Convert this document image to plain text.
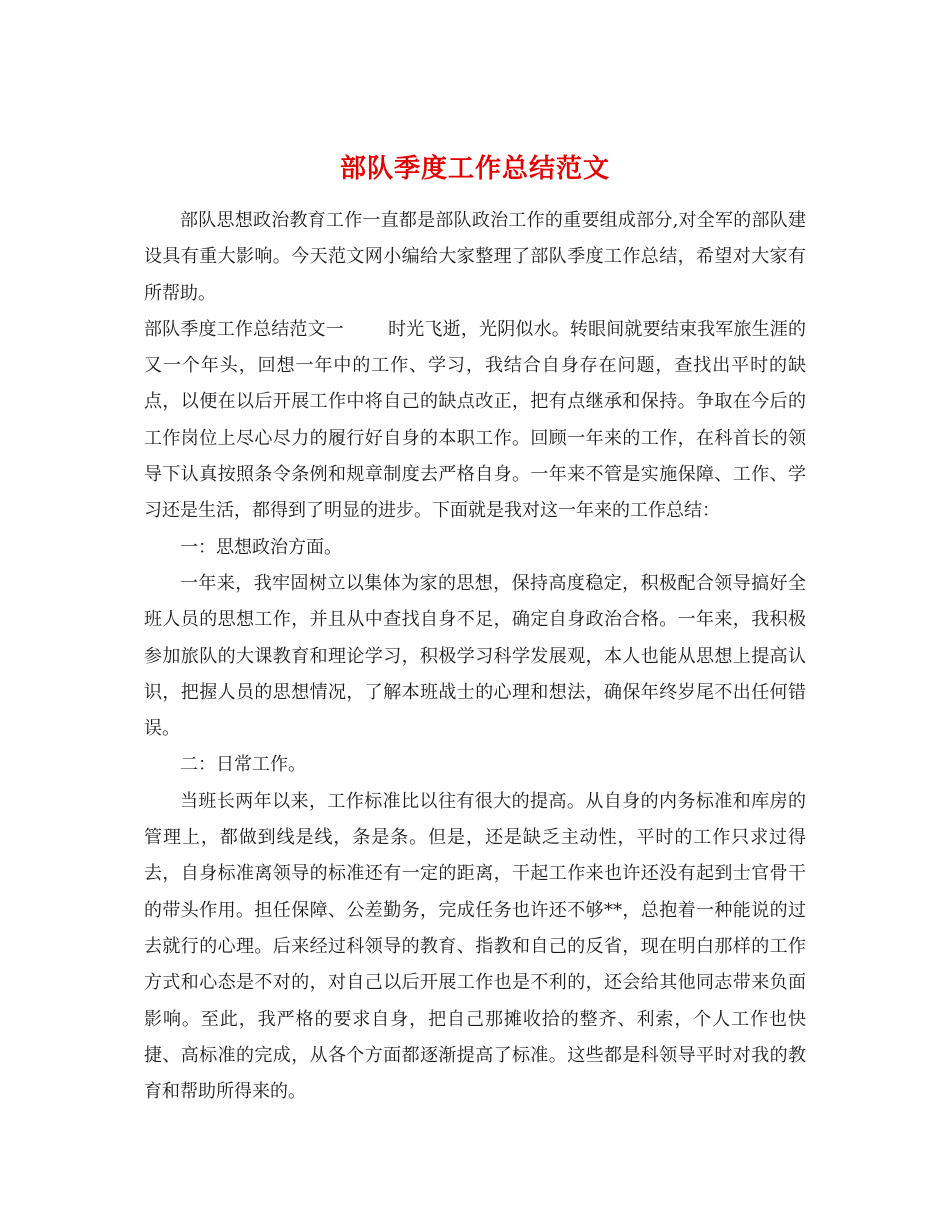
部队季度工作总结范文

部队思想政治教育工作一直都是部队政治工作的重要组成部分,对全军的部队建设具有重大影响。今天范文网小编给大家整理了部队季度工作总结，希望对大家有所帮助。

部队季度工作总结范文一 时光飞逝，光阴似水。转眼间就要结束我军旅生涯的又一个年头，回想一年中的工作、学习，我结合自身存在问题，查找出平时的缺点，以便在以后开展工作中将自己的缺点改正，把有点继承和保持。争取在今后的工作岗位上尽心尽力的履行好自身的本职工作。回顾一年来的工作，在科首长的领导下认真按照条令条例和规章制度去严格自身。一年来不管是实施保障、工作、学习还是生活，都得到了明显的进步。下面就是我对这一年来的工作总结：

一：思想政治方面。

一年来，我牢固树立以集体为家的思想，保持高度稳定，积极配合领导搞好全班人员的思想工作，并且从中查找自身不足，确定自身政治合格。一年来，我积极参加旅队的大课教育和理论学习，积极学习科学发展观，本人也能从思想上提高认识，把握人员的思想情况，了解本班战士的心理和想法，确保年终岁尾不出任何错误。

二：日常工作。

当班长两年以来，工作标准比以往有很大的提高。从自身的内务标准和库房的管理上，都做到线是线，条是条。但是，还是缺乏主动性，平时的工作只求过得去，自身标准离领导的标准还有一定的距离，干起工作来也许还没有起到士官骨干的带头作用。担任保障、公差勤务，完成任务也许还不够**，总抱着一种能说的过去就行的心理。后来经过科领导的教育、指教和自己的反省，现在明白那样的工作方式和心态是不对的，对自己以后开展工作也是不利的，还会给其他同志带来负面影响。至此，我严格的要求自身，把自己那摊收拾的整齐、利索，个人工作也快捷、高标准的完成，从各个方面都逐渐提高了标准。这些都是科领导平时对我的教育和帮助所得来的。
